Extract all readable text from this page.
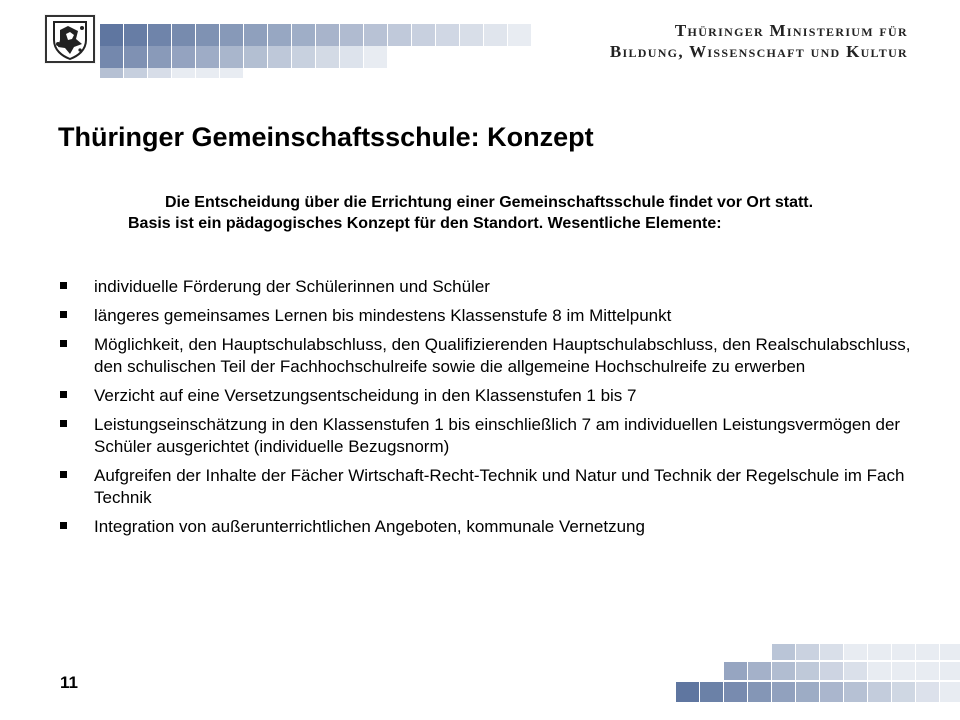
Thüringer Ministerium für
Bildung, Wissenschaft und Kultur
Thüringer Gemeinschaftsschule: Konzept
Die Entscheidung über die Errichtung einer Gemeinschaftsschule findet vor Ort statt.
Basis ist ein pädagogisches Konzept für den Standort. Wesentliche Elemente:
individuelle Förderung der Schülerinnen und Schüler
längeres gemeinsames Lernen bis mindestens Klassenstufe 8 im Mittelpunkt
Möglichkeit, den Hauptschulabschluss, den Qualifizierenden Hauptschulabschluss, den Realschulabschluss, den schulischen Teil der Fachhochschulreife sowie die allgemeine Hochschulreife zu erwerben
Verzicht auf eine Versetzungsentscheidung in den Klassenstufen 1 bis 7
Leistungseinschätzung in den Klassenstufen 1 bis einschließlich 7 am individuellen Leistungsvermögen der Schüler ausgerichtet (individuelle Bezugsnorm)
Aufgreifen der Inhalte der Fächer Wirtschaft-Recht-Technik und Natur und Technik der Regelschule im Fach Technik
Integration von außerunterrichtlichen Angeboten, kommunale Vernetzung
11
